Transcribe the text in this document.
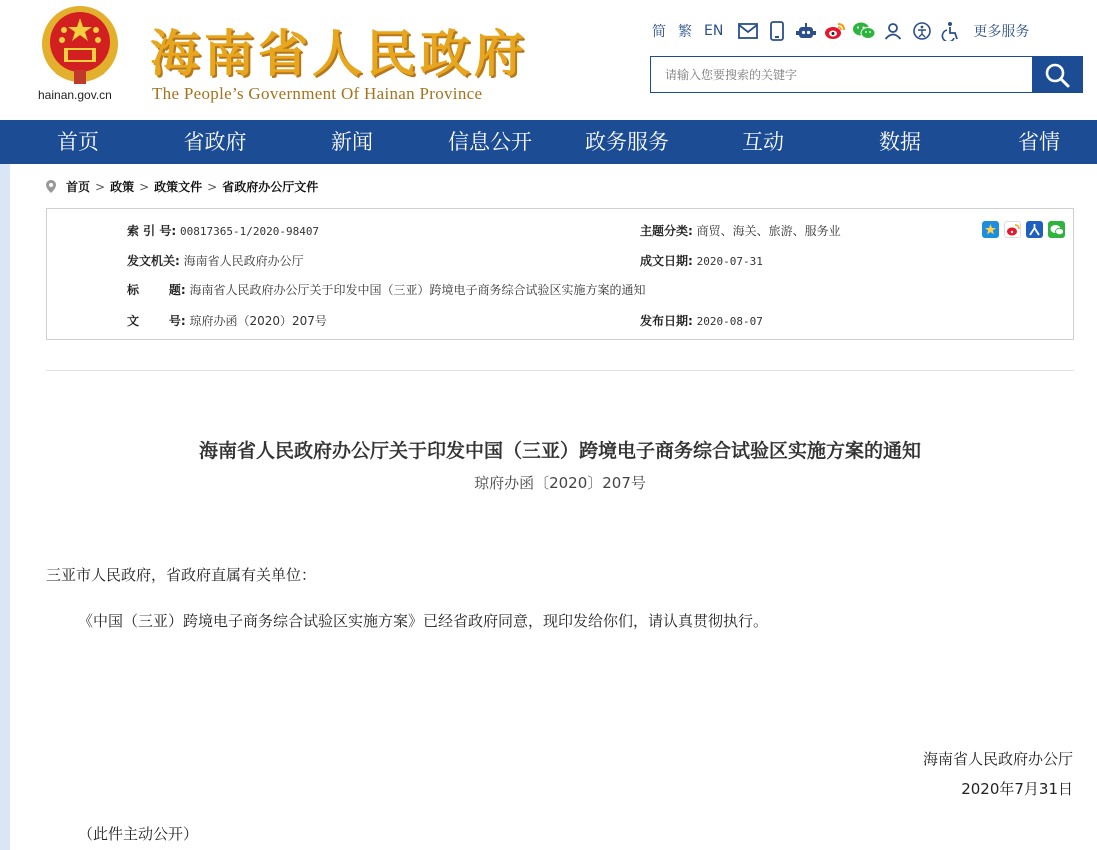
hainan.gov.cn
海南省人民政府
The People’s Government Of Hainan Province
简 繁 EN	更多服务
请输入您要搜索的关键字
首页	省政府	新闻	信息公开	政务服务	互动	数据	省情
首页 > 政策 > 政策文件 > 省政府办公厅文件
索 引 号: 00817365-1/2020-98407	主题分类: 商贸、海关、旅游、服务业
发文机关: 海南省人民政府办公厅	成文日期: 2020-07-31
标 题: 海南省人民政府办公厅关于印发中国（三亚）跨境电子商务综合试验区实施方案的通知
文 号: 琼府办函（2020）207号	发布日期: 2020-08-07
海南省人民政府办公厅关于印发中国（三亚）跨境电子商务综合试验区实施方案的通知
琼府办函〔2020〕207号
三亚市人民政府，省政府直属有关单位：
《中国（三亚）跨境电子商务综合试验区实施方案》已经省政府同意，现印发给你们，请认真贯彻执行。
海南省人民政府办公厅
2020年7月31日
（此件主动公开）
